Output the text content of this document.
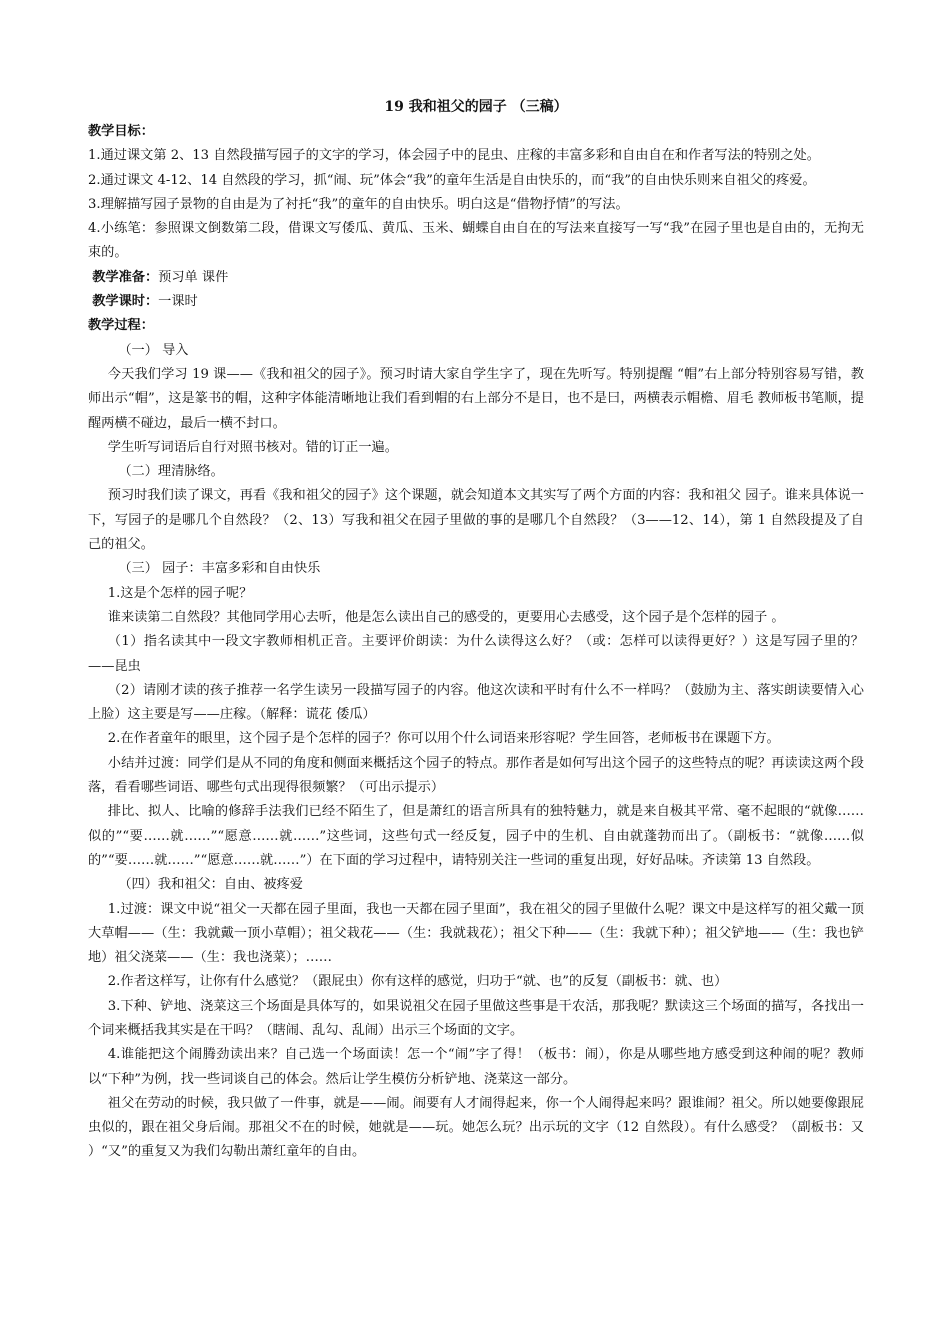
19 我和祖父的园子 （三稿）

教学目标：

1.通过课文第 2、13 自然段描写园子的文字的学习，体会园子中的昆虫、庄稼的丰富多彩和自由自在和作者写法的特别之处。

2.通过课文 4-12、14 自然段的学习，抓“闹、玩”体会“我”的童年生活是自由快乐的，而“我”的自由快乐则来自祖父的疼爱。

3.理解描写园子景物的自由是为了衬托“我”的童年的自由快乐。明白这是“借物抒情”的写法。

4.小练笔：参照课文倒数第二段，借课文写倭瓜、黄瓜、玉米、蝴蝶自由自在的写法来直接写一写“我”在园子里也是自由的，无拘无束的。

教学准备：预习单 课件

教学课时：一课时

教学过程：

（一） 导入

今天我们学习 19 课——《我和祖父的园子》。预习时请大家自学生字了，现在先听写。特别提醒 “帽”右上部分特别容易写错，教师出示“帽”，这是篆书的帽，这种字体能清晰地让我们看到帽的右上部分不是日，也不是曰，两横表示帽檐、眉毛 教师板书笔顺，提醒两横不碰边，最后一横不封口。

学生听写词语后自行对照书核对。错的订正一遍。

（二）理清脉络。

预习时我们读了课文，再看《我和祖父的园子》这个课题，就会知道本文其实写了两个方面的内容：我和祖父 园子。谁来具体说一下，写园子的是哪几个自然段？（2、13）写我和祖父在园子里做的事的是哪几个自然段？（3——12、14），第 1 自然段提及了自己的祖父。

（三） 园子：丰富多彩和自由快乐

1.这是个怎样的园子呢？

谁来读第二自然段？其他同学用心去听，他是怎么读出自己的感受的，更要用心去感受，这个园子是个怎样的园子 。

（1）指名读其中一段文字教师相机正音。主要评价朗读：为什么读得这么好？（或：怎样可以读得更好？）这是写园子里的？——昆虫

（2）请刚才读的孩子推荐一名学生读另一段描写园子的内容。他这次读和平时有什么不一样吗？（鼓励为主、落实朗读要情入心上脸）这主要是写——庄稼。（解释：谎花 倭瓜）

2.在作者童年的眼里，这个园子是个怎样的园子？你可以用个什么词语来形容呢？学生回答，老师板书在课题下方。

小结并过渡：同学们是从不同的角度和侧面来概括这个园子的特点。那作者是如何写出这个园子的这些特点的呢？再读读这两个段落，看看哪些词语、哪些句式出现得很频繁？（可出示提示）

排比、拟人、比喻的修辞手法我们已经不陌生了，但是萧红的语言所具有的独特魅力，就是来自极其平常、毫不起眼的“就像……似的”“要……就……”“愿意……就……”这些词，这些句式一经反复，园子中的生机、自由就蓬勃而出了。（副板书：“就像……似的”“要……就……”“愿意……就……”）在下面的学习过程中，请特别关注一些词的重复出现，好好品味。齐读第 13 自然段。

（四）我和祖父：自由、被疼爱

1.过渡：课文中说“祖父一天都在园子里面，我也一天都在园子里面”，我在祖父的园子里做什么呢？课文中是这样写的祖父戴一顶大草帽——（生：我就戴一顶小草帽）；祖父栽花——（生：我就栽花）；祖父下种——（生：我就下种）；祖父铲地——（生：我也铲地）祖父浇菜——（生：我也浇菜）；……

2.作者这样写，让你有什么感觉？（跟屁虫）你有这样的感觉，归功于“就、也”的反复（副板书：就、也）

3.下种、铲地、浇菜这三个场面是具体写的，如果说祖父在园子里做这些事是干农活，那我呢？默读这三个场面的描写，各找出一个词来概括我其实是在干吗？（瞎闹、乱勾、乱闹）出示三个场面的文字。

4.谁能把这个闹腾劲读出来？自己选一个场面读！怎一个“闹”字了得！（板书：闹），你是从哪些地方感受到这种闹的呢？教师以“下种”为例，找一些词谈自己的体会。然后让学生模仿分析铲地、浇菜这一部分。

祖父在劳动的时候，我只做了一件事，就是——闹。闹要有人才闹得起来，你一个人闹得起来吗？跟谁闹？祖父。所以她要像跟屁虫似的，跟在祖父身后闹。那祖父不在的时候，她就是——玩。她怎么玩？出示玩的文字（12 自然段）。有什么感受？（副板书：又 ）“又”的重复又为我们勾勒出萧红童年的自由。
